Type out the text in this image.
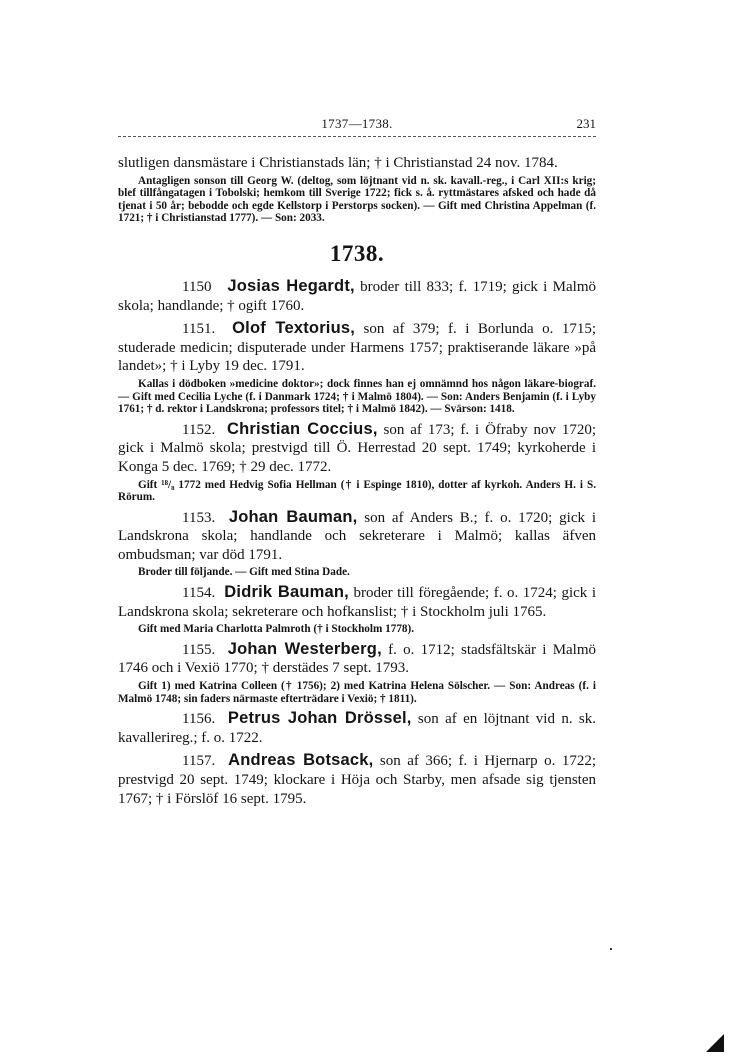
1737—1738.	231

slutligen dansmästare i Christianstads län; † i Christianstad 24 nov. 1784.

Antagligen sonson till Georg W. (deltog, som löjtnant vid n. sk. kavall.-reg., i Carl XII:s krig; blef tillfångatagen i Tobolski; hemkom till Sverige 1722; fick s. å. ryttmästares afsked och hade då tjenat i 50 år; bebodde och egde Kellstorp i Perstorps socken). — Gift med Christina Appelman (f. 1721; † i Christianstad 1777). — Son: 2033.

1738.

1150 Josias Hegardt, broder till 833; f. 1719; gick i Malmö skola; handlande; † ogift 1760.

1151. Olof Textorius, son af 379; f. i Borlunda o. 1715; studerade medicin; disputerade under Harmens 1757; praktiserande läkare »på landet»; † i Lyby 19 dec. 1791.

Kallas i dödboken »medicine doktor»; dock finnes han ej omnämnd hos någon läkare-biograf. — Gift med Cecilia Lyche (f. i Danmark 1724; † i Malmö 1804). — Son: Anders Benjamin (f. i Lyby 1761; † d. rektor i Landskrona; professors titel; † i Malmö 1842). — Svärson: 1418.

1152. Christian Coccius, son af 173; f. i Öfraby nov 1720; gick i Malmö skola; prestvigd till Ö. Herrestad 20 sept. 1749; kyrkoherde i Konga 5 dec. 1769; † 29 dec. 1772.

Gift ¹⁸/₈ 1772 med Hedvig Sofia Hellman († i Espinge 1810), dotter af kyrkoh. Anders H. i S. Rörum.

1153. Johan Bauman, son af Anders B.; f. o. 1720; gick i Landskrona skola; handlande och sekreterare i Malmö; kallas äfven ombudsman; var död 1791.

Broder till följande. — Gift med Stina Dade.

1154. Didrik Bauman, broder till föregående; f. o. 1724; gick i Landskrona skola; sekreterare och hofkanslist; † i Stockholm juli 1765.

Gift med Maria Charlotta Palmroth († i Stockholm 1778).

1155. Johan Westerberg, f. o. 1712; stadsfältskär i Malmö 1746 och i Vexiö 1770; † derstädes 7 sept. 1793.

Gift 1) med Katrina Colleen († 1756); 2) med Katrina Helena Sölscher. — Son: Andreas (f. i Malmö 1748; sin faders närmaste efterträdare i Vexiö; † 1811).

1156. Petrus Johan Drössel, son af en löjtnant vid n. sk. kavallerireg.; f. o. 1722.

1157. Andreas Botsack, son af 366; f. i Hjernarp o. 1722; prestvigd 20 sept. 1749; klockare i Höja och Starby, men afsade sig tjensten 1767; † i Förslöf 16 sept. 1795.
